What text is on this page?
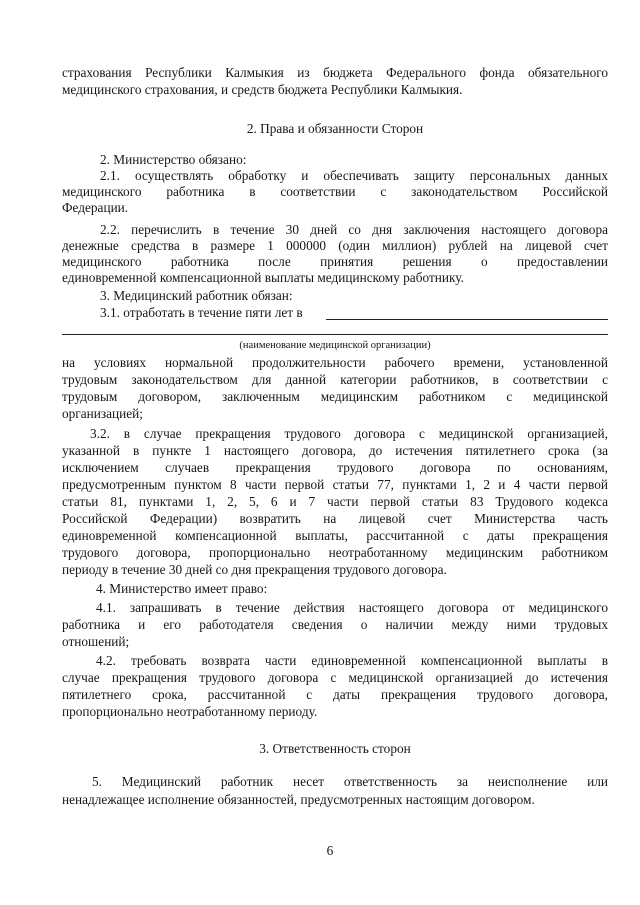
страхования Республики Калмыкия из бюджета Федерального фонда обязательного
медицинского страхования, и средств бюджета Республики Калмыкия.
2. Права и обязанности Сторон
2. Министерство обязано:
2.1. осуществлять обработку и обеспечивать защиту персональных данных
медицинского работника в соответствии с законодательством Российской
Федерации.
2.2. перечислить в течение 30 дней со дня заключения настоящего договора
денежные средства в размере 1 000000 (один миллион) рублей на лицевой счет
медицинского работника после принятия решения о предоставлении
единовременной компенсационной выплаты медицинскому работнику.
3. Медицинский работник обязан:
3.1. отработать в течение пяти лет в
(наименование медицинской организации)
на условиях нормальной продолжительности рабочего времени, установленной
трудовым законодательством для данной категории работников, в соответствии с
трудовым договором, заключенным медицинским работником с медицинской
организацией;
3.2. в случае прекращения трудового договора с медицинской организацией,
указанной в пункте 1 настоящего договора, до истечения пятилетнего срока (за
исключением случаев прекращения трудового договора по основаниям,
предусмотренным пунктом 8 части первой статьи 77, пунктами 1, 2 и 4 части первой
статьи 81, пунктами 1, 2, 5, 6 и 7 части первой статьи 83 Трудового кодекса
Российской Федерации) возвратить на лицевой счет Министерства часть
единовременной компенсационной выплаты, рассчитанной с даты прекращения
трудового договора, пропорционально неотработанному медицинским работником
периоду в течение 30 дней со дня прекращения трудового договора.
4. Министерство имеет право:
4.1. запрашивать в течение действия настоящего договора от медицинского
работника и его работодателя сведения о наличии между ними трудовых
отношений;
4.2. требовать возврата части единовременной компенсационной выплаты в
случае прекращения трудового договора с медицинской организацией до истечения
пятилетнего срока, рассчитанной с даты прекращения трудового договора,
пропорционально неотработанному периоду.
3. Ответственность сторон
5. Медицинский работник несет ответственность за неисполнение или
ненадлежащее исполнение обязанностей, предусмотренных настоящим договором.
6
